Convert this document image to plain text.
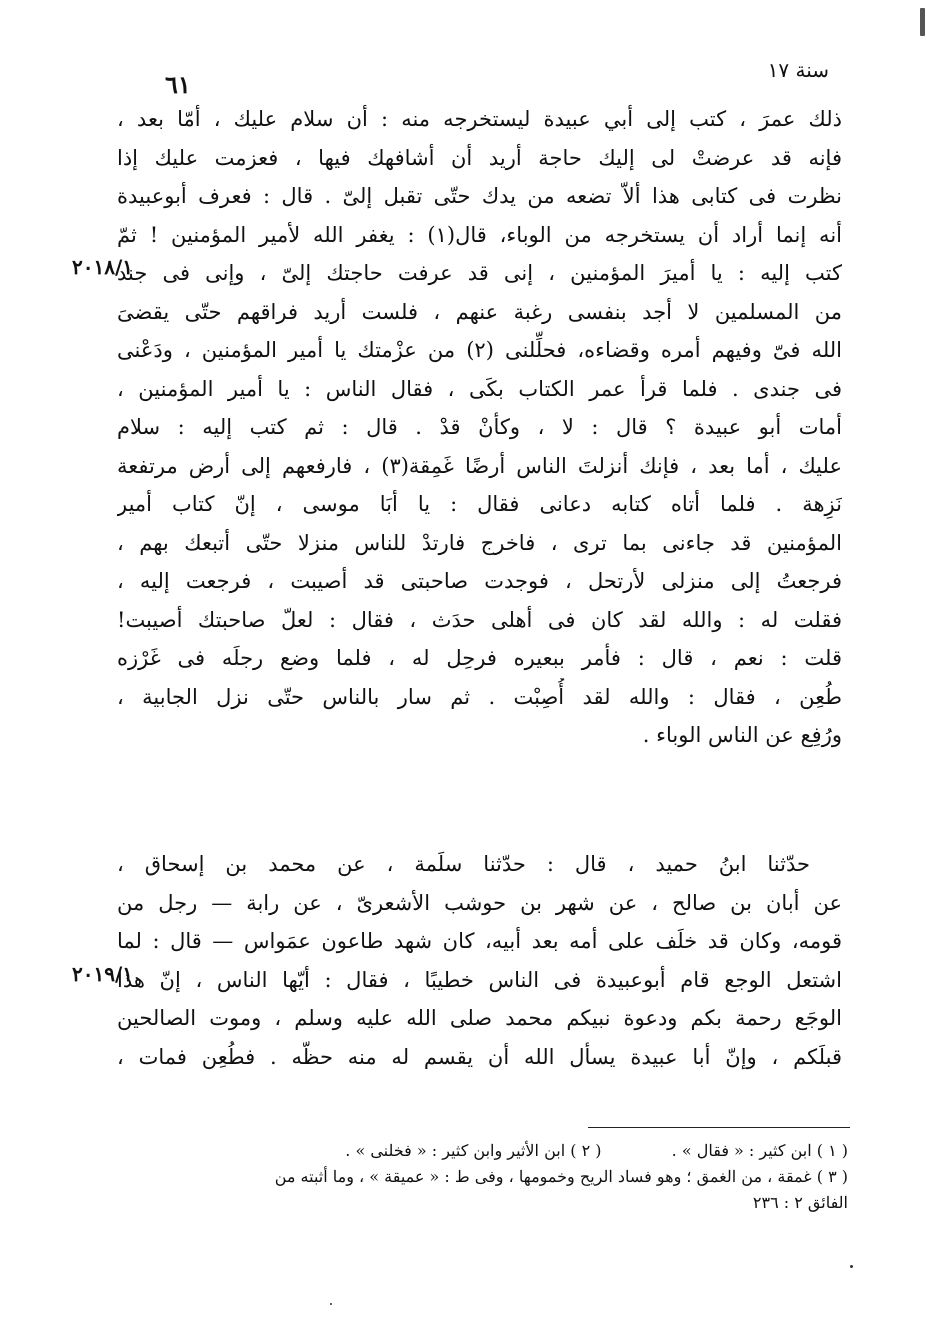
سنة ١٧
٦١
٢٠١٨/١
٢٠١٩/١
ذلك عمرَ ، كتب إلى أبي عبيدة ليستخرجه منه : أن سلام عليك ، أمّا بعد ،
فإنه قد عرضتْ لى إليك حاجة أريد أن أشافهك فيها ، فعزمت عليك إذا
نظرت فى كتابى هذا ألاّ تضعه من يدك حتّى تقبل إلىّ . قال : فعرف أبوعبيدة
أنه إنما أراد أن يستخرجه من الوباء، قال(١) : يغفر الله لأمير المؤمنين ! ثمّ
كتب إليه : يا أميرَ المؤمنين ، إنى قد عرفت حاجتك إلىّ ، وإنى فى جند
من المسلمين لا أجد بنفسى رغبة عنهم ، فلست أريد فراقهم حتّى يقضىَ
الله فىّ وفيهم أمره وقضاءه، فحلِّلنى (٢) من عزْمتك يا أمير المؤمنين ، ودَعْنى
فى جندى . فلما قرأ عمر الكتاب بكَى ، فقال الناس : يا أمير المؤمنين ،
أمات أبو عبيدة ؟ قال : لا ، وكأنْ قدْ . قال : ثم كتب إليه : سلام
عليك ، أما بعد ، فإنك أنزلتَ الناس أرضًا غَمِقة(٣) ، فارفعهم إلى أرض مرتفعة
نَزِهة . فلما أتاه كتابه دعانى فقال : يا أبَا موسى ، إنّ كتاب أمير
المؤمنين قد جاءنى بما ترى ، فاخرج فارتدْ للناس منزلا حتّى أتبعك بهم ،
فرجعتُ إلى منزلى لأرتحل ، فوجدت صاحبتى قد أصيبت ، فرجعت إليه ،
فقلت له : والله لقد كان فى أهلى حدَث ، فقال : لعلّ صاحبتك أصيبت!
قلت : نعم ، قال : فأمر ببعيره فرحِل له ، فلما وضع رجلَه فى غَرْزه
طُعِن ، فقال : والله لقد أُصِبْت . ثم سار بالناس حتّى نزل الجابية ،
ورُفِع عن الناس الوباء .
حدّثنا ابنُ حميد ، قال : حدّثنا سلَمة ، عن محمد بن إسحاق ،
عن أبان بن صالح ، عن شهر بن حوشب الأشعرىّ ، عن رابة — رجل من
قومه، وكان قد خلَف على أمه بعد أبيه، كان شهد طاعون عمَواس — قال : لما
اشتعل الوجع قام أبوعبيدة فى الناس خطيبًا ، فقال : أيّها الناس ، إنّ هذا
الوجَع رحمة بكم ودعوة نبيكم محمد صلى الله عليه وسلم ، وموت الصالحين
قبلَكم ، وإنّ أبا عبيدة يسأل الله أن يقسم له منه حظّه . فطُعِن فمات ،
( ١ ) ابن كثير : « فقال » .  ( ٢ ) ابن الأثير وابن كثير : « فخلنى » .
( ٣ ) غمقة ، من الغمق ؛ وهو فساد الريح وخمومها ، وفى ط : « عميقة » ، وما أثبته من
الفائق ٢ : ٢٣٦
